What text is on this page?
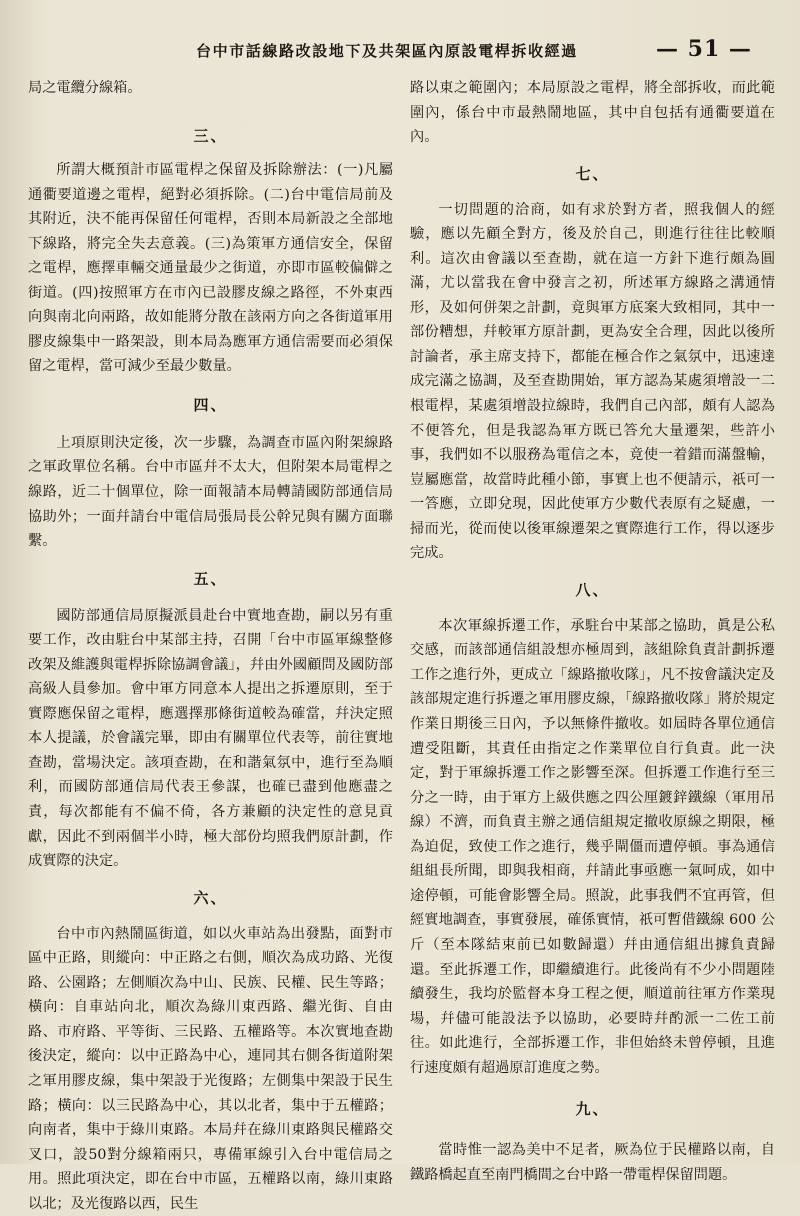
台中市話線路改設地下及共架區內原設電桿拆收經過	— 51 —

局之電纜分線箱。

三、

所謂大概預計市區電桿之保留及拆除辦法：(一)凡屬通衢要道邊之電桿，絕對必須拆除。(二)台中電信局前及其附近，決不能再保留任何電桿，否則本局新設之全部地下線路，將完全失去意義。(三)為策軍方通信安全，保留之電桿，應擇車輛交通量最少之街道，亦即市區較偏僻之街道。(四)按照軍方在市內已設膠皮線之路徑，不外東西向與南北向兩路，故如能將分散在該兩方向之各街道軍用膠皮線集中一路架設，則本局為應軍方通信需要而必須保留之電桿，當可減少至最少數量。

四、

上項原則決定後，次一步驟，為調查市區內附架線路之軍政單位名稱。台中市區幷不太大，但附架本局電桿之線路，近二十個單位，除一面報請本局轉請國防部通信局協助外；一面幷請台中電信局張局長公幹兄與有關方面聯繫。

五、

國防部通信局原擬派員赴台中實地查勘，嗣以另有重要工作，改由駐台中某部主持，召開「台中市區軍線整修改架及維護與電桿拆除協調會議」，幷由外國顧問及國防部高級人員參加。會中軍方同意本人提出之拆遷原則，至于實際應保留之電桿，應選擇那條街道較為確當，幷決定照本人提議，於會議完畢，即由有關單位代表等，前往實地查勘，當場決定。該項查勘，在和諧氣氛中，進行至為順利，而國防部通信局代表王參謀，也確已盡到他應盡之責，每次都能有不偏不倚，各方兼顧的決定性的意見貢獻，因此不到兩個半小時，極大部份均照我們原計劃，作成實際的決定。

六、

台中市內熱鬧區街道，如以火車站為出發點，面對市區中正路，則縱向：中正路之右側，順次為成功路、光復路、公園路；左側順次為中山、民族、民權、民生等路；橫向：自車站向北，順次為綠川東西路、繼光街、自由路、市府路、平等街、三民路、五權路等。本次實地查勘後決定，縱向：以中正路為中心，連同其右側各街道附架之軍用膠皮線，集中架設于光復路；左側集中架設于民生路；橫向：以三民路為中心，其以北者，集中于五權路；向南者，集中于綠川東路。本局幷在綠川東路與民權路交叉口，設50對分線箱兩只，專備軍線引入台中電信局之用。照此項決定，即在台中市區，五權路以南，綠川東路以北；及光復路以西，民生

路以東之範圍內；本局原設之電桿，將全部拆收，而此範圍內，係台中市最熱鬧地區，其中自包括有通衢要道在內。

七、

一切問題的洽商，如有求於對方者，照我個人的經驗，應以先顧全對方，後及於自己，則進行往往比較順利。這次由會議以至查勘，就在這一方針下進行頗為圓滿，尤以當我在會中發言之初，所述軍方線路之溝通情形，及如何併架之計劃，竟與軍方底案大致相同，其中一部份糟想，幷較軍方原計劃，更為安全合理，因此以後所討論者，承主席支持下，都能在極合作之氣氛中，迅速達成完滿之協調，及至查勘開始，軍方認為某處須增設一二根電桿，某處須增設拉線時，我們自己內部，頗有人認為不便答允，但是我認為軍方既已答允大量遷架，些許小事，我們如不以服務為電信之本，竟使一着錯而滿盤輸，豈屬應當，故當時此種小節，事實上也不便請示，祇可一一答應，立即兌現，因此使軍方少數代表原有之疑慮，一掃而光，從而使以後軍線遷架之實際進行工作，得以逐步完成。

八、

本次軍線拆遷工作，承駐台中某部之協助，眞是公私交感，而該部通信組設想亦極周到，該組除負責計劃拆遷工作之進行外，更成立「線路撤收隊」，凡不按會議決定及該部規定進行拆遷之軍用膠皮線，「線路撤收隊」將於規定作業日期後三日內，予以無條件撤收。如屆時各單位通信遭受阻斷，其責任由指定之作業單位自行負責。此一決定，對于軍線拆遷工作之影響至深。但拆遷工作進行至三分之一時，由于軍方上級供應之四公厘鍍鋅鐵線（軍用吊線）不濟，而負責主辦之通信組規定撤收原線之期限，極為迫促，致使工作之進行，幾乎閘僵而遭停頓。事為通信組組長所聞，即與我相商，幷請此事亟應一氣呵成，如中途停頓，可能會影響全局。照說，此事我們不宜再管，但經實地調查，事實發展，確係實情，祇可暫借鐵線 600 公斤（至本隊結束前已如數歸還）幷由通信組出據負責歸還。至此拆遷工作，即繼續進行。此後尚有不少小問題陸續發生，我均於監督本身工程之便，順道前往軍方作業現場，幷儘可能設法予以協助，必要時幷酌派一二佐工前往。如此進行，全部拆遷工作，非但始終未曾停頓，且進行速度頗有超過原訂進度之勢。

九、

當時惟一認為美中不足者，厥為位于民權路以南，自鐵路橋起直至南門橋間之台中路一帶電桿保留問題。
